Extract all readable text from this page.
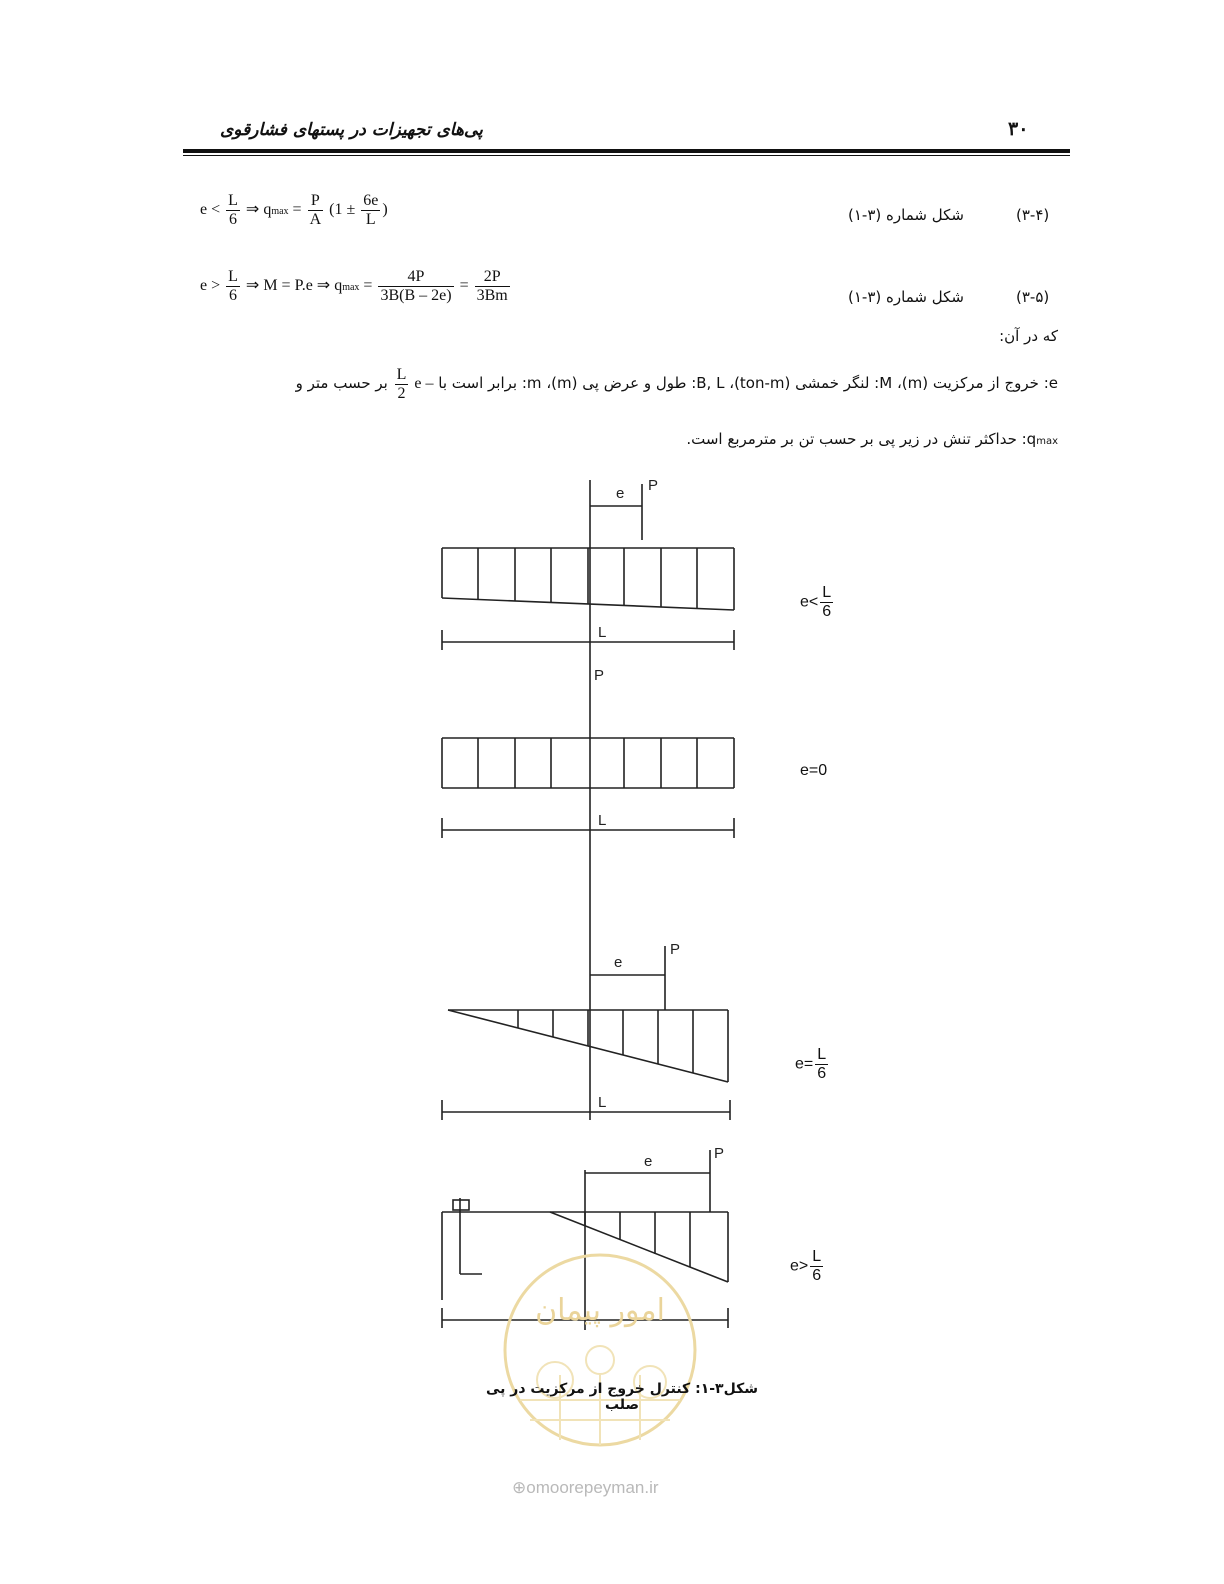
پی‌های تجهیزات در پستهای فشارقوی	۳۰
$e < \frac{L}{6}$ ⇒ $qmax = \frac{P}{A} (1 \pm \frac{6e}{L}$ )	شکل شماره (۳-۱)	(۳-۴)
$e > \frac{L}{6}$ ⇒ M = P.e ⇒ $qmax = \frac{4P}{3B(B - 2e)} = \frac{2P}{3Bm}$	شکل شماره (۳-۱)	(۳-۵)
که در آن:
e: خروج از مرکزیت (m)، M: لنگر خمشی (ton-m)، B, L: طول و عرض پی (m)، m: برابر است با
$\frac{L}{2}$ e – بر حسب متر و
qmax: حداکثر تنش در زیر پی بر حسب تن بر مترمربع است.
e P
L
P
L
e
P
L
e	P
$e< \frac{L}{6}$
e=0
$e= \frac{L}{6}$
$e> \frac{L}{6}$
امور پیمان
شکل۳-۱: کنترل خروج از مرکزیت در پی صلب
⊕omoorepeyman.ir
